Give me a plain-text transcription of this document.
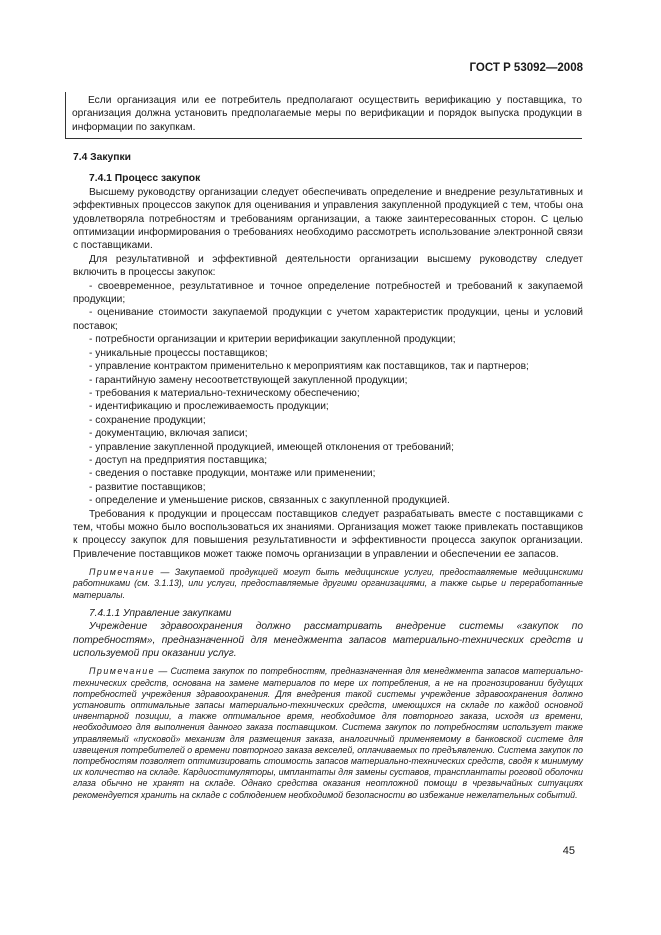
ГОСТ Р 53092—2008

Если организация или ее потребитель предполагают осуществить верификацию у поставщика, то организация должна установить предполагаемые меры по верификации и порядок выпуска продукции в информации по закупкам.

7.4 Закупки

7.4.1 Процесс закупок

Высшему руководству организации следует обеспечивать определение и внедрение результативных и эффективных процессов закупок для оценивания и управления закупленной продукцией с тем, чтобы она удовлетворяла потребностям и требованиям организации, а также заинтересованных сторон. С целью оптимизации информирования о требованиях необходимо рассмотреть использование электронной связи с поставщиками.

Для результативной и эффективной деятельности организации высшему руководству следует включить в процессы закупок:

- своевременное, результативное и точное определение потребностей и требований к закупаемой продукции;

- оценивание стоимости закупаемой продукции с учетом характеристик продукции, цены и условий поставок;

- потребности организации и критерии верификации закупленной продукции;

- уникальные процессы поставщиков;

- управление контрактом применительно к мероприятиям как поставщиков, так и партнеров;

- гарантийную замену несоответствующей закупленной продукции;

- требования к материально-техническому обеспечению;

- идентификацию и прослеживаемость продукции;

- сохранение продукции;

- документацию, включая записи;

- управление закупленной продукцией, имеющей отклонения от требований;

- доступ на предприятия поставщика;

- сведения о поставке продукции, монтаже или применении;

- развитие поставщиков;

- определение и уменьшение рисков, связанных с закупленной продукцией.

Требования к продукции и процессам поставщиков следует разрабатывать вместе с поставщиками с тем, чтобы можно было воспользоваться их знаниями. Организация может также привлекать поставщиков к процессу закупок для повышения результативности и эффективности процесса закупок организации. Привлечение поставщиков может также помочь организации в управлении и обеспечении ее запасов.

Примечание — Закупаемой продукцией могут быть медицинские услуги, предоставляемые медицинскими работниками (см. 3.1.13), или услуги, предоставляемые другими организациями, а также сырье и переработанные материалы.

7.4.1.1 Управление закупками

Учреждение здравоохранения должно рассматривать внедрение системы «закупок по потребностям», предназначенной для менеджмента запасов материально-технических средств и используемой при оказании услуг.

Примечание — Система закупок по потребностям, предназначенная для менеджмента запасов материально-технических средств, основана на замене материалов по мере их потребления, а не на прогнозировании будущих потребностей учреждения здравоохранения. Для внедрения такой системы учреждение здравоохранения должно установить оптимальные запасы материально-технических средств, имеющихся на складе по каждой основной инвентарной позиции, а также оптимальное время, необходимое для повторного заказа, исходя из времени, необходимого для выполнения данного заказа поставщиком. Система закупок по потребностям использует также управляемый «пусковой» механизм для размещения заказа, аналогичный применяемому в банковской системе для извещения потребителей о времени повторного заказа векселей, оплачиваемых по предъявлению. Система закупок по потребностям позволяет оптимизировать стоимость запасов материально-технических средств, сводя к минимуму их количество на складе. Кардиостимуляторы, имплантаты для замены суставов, трансплантаты роговой оболочки глаза обычно не хранят на складе. Однако средства оказания неотложной помощи в чрезвычайных ситуациях рекомендуется хранить на складе с соблюдением необходимой безопасности во избежание нежелательных событий.

45
